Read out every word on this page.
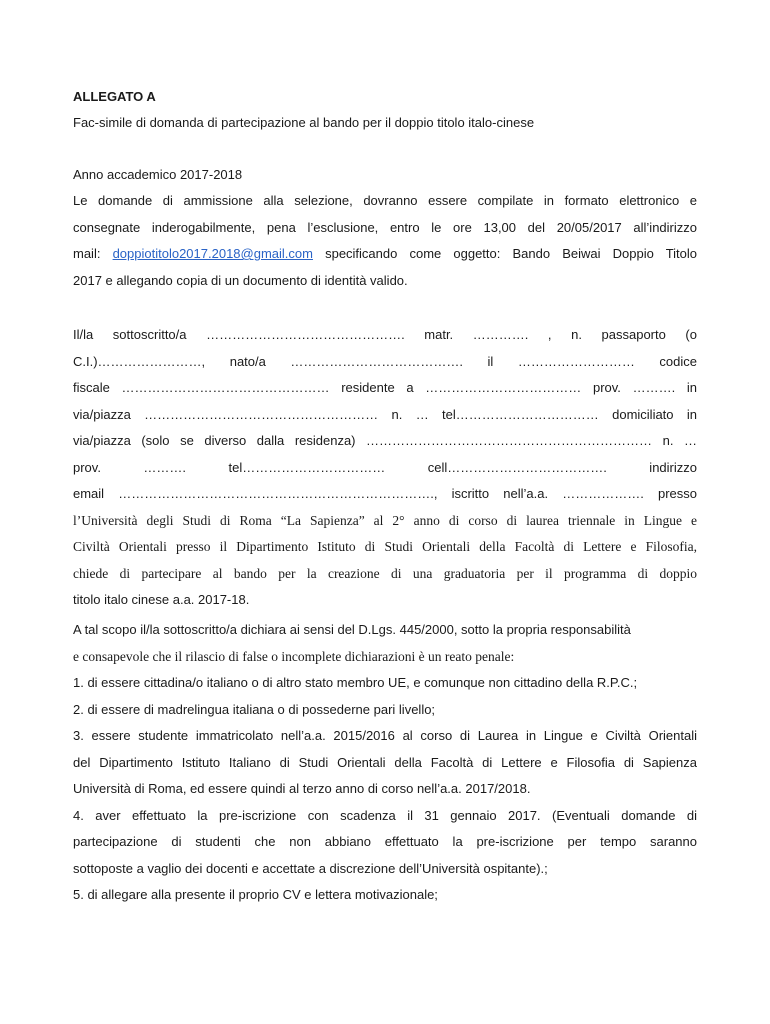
ALLEGATO A
Fac-simile di domanda di partecipazione al bando per il doppio titolo italo-cinese
Anno accademico 2017-2018
Le domande di ammissione alla selezione, dovranno essere compilate in formato elettronico e
consegnate inderogabilmente, pena l’esclusione, entro le ore 13,00 del 20/05/2017 all’indirizzo
mail: doppiotitolo2017.2018@gmail.com specificando come oggetto: Bando Beiwai Doppio Titolo
2017 e allegando copia di un documento di identità valido.
Il/la sottoscritto/a ………………………………………. matr. …………. , n. passaporto (o
C.I.)……………………, nato/a …………………………………. il ……………………… codice
fiscale ………………………………………… residente a ……………………………… prov. ………. in
via/piazza ……………………………………………… n. … tel…………………………… domiciliato in
via/piazza (solo se diverso dalla residenza) ………………………………………………………… n. …
prov. ………. tel…………………………… cell………………………………. indirizzo
email ………………………………………………………………., iscritto nell’a.a. ………………. presso
l’Università degli Studi di Roma “La Sapienza” al 2° anno di corso di laurea triennale in Lingue e
Civiltà Orientali presso il Dipartimento Istituto di Studi Orientali della Facoltà di Lettere e Filosofia,
chiede di partecipare al bando per la creazione di una graduatoria per il programma di doppio
titolo italo cinese a.a. 2017-18.
A tal scopo il/la sottoscritto/a dichiara ai sensi del D.Lgs. 445/2000, sotto la propria responsabilità
e consapevole che il rilascio di false o incomplete dichiarazioni è un reato penale:
1. di essere cittadina/o italiano o di altro stato membro UE, e comunque non cittadino della R.P.C.;
2. di essere di madrelingua italiana o di possederne pari livello;
3. essere studente immatricolato nell’a.a. 2015/2016 al corso di Laurea in Lingue e Civiltà Orientali
del Dipartimento Istituto Italiano di Studi Orientali della Facoltà di Lettere e Filosofia di Sapienza
Università di Roma, ed essere quindi al terzo anno di corso nell’a.a. 2017/2018.
4. aver effettuato la pre-iscrizione con scadenza il 31 gennaio 2017. (Eventuali domande di
partecipazione di studenti che non abbiano effettuato la pre-iscrizione per tempo saranno
sottoposte a vaglio dei docenti e accettate a discrezione dell’Università ospitante).;
5. di allegare alla presente il proprio CV e lettera motivazionale;
